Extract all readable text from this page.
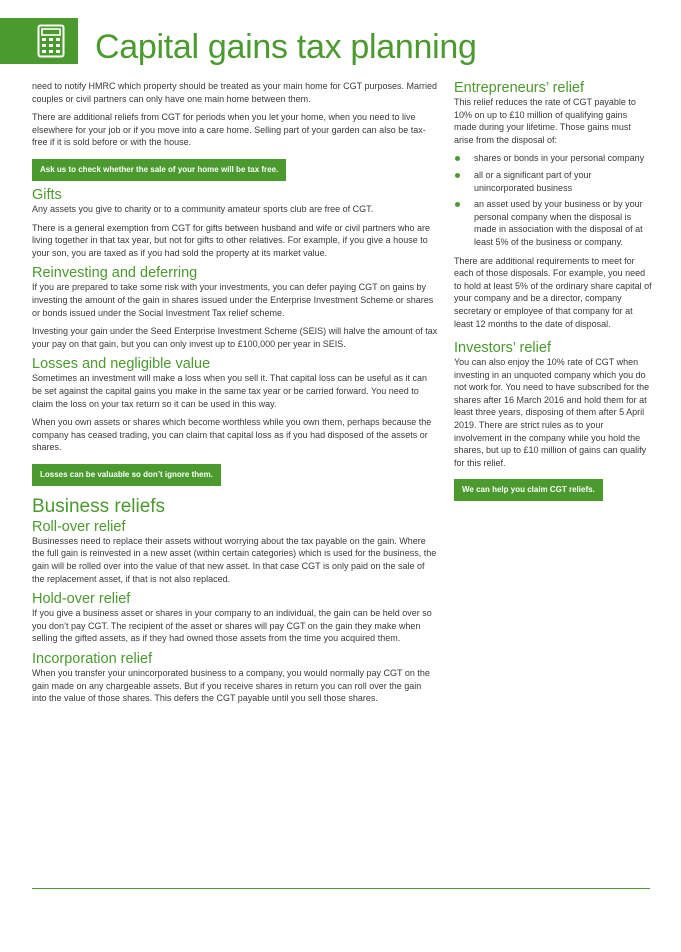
Capital gains tax planning

need to notify HMRC which property should be treated as your main home for CGT purposes. Married couples or civil partners can only have one main home between them.

There are additional reliefs from CGT for periods when you let your home, when you need to live elsewhere for your job or if you move into a care home. Selling part of your garden can also be tax-free if it is sold before or with the house.

Ask us to check whether the sale of your home will be tax free.
Gifts

Any assets you give to charity or to a community amateur sports club are free of CGT.

There is a general exemption from CGT for gifts between husband and wife or civil partners who are living together in that tax year, but not for gifts to other relatives. For example, if you give a house to your son, you are taxed as if you had sold the property at its market value.

Reinvesting and deferring

If you are prepared to take some risk with your investments, you can defer paying CGT on gains by investing the amount of the gain in shares issued under the Enterprise Investment Scheme or shares or bonds issued under the Social Investment Tax relief scheme.

Investing your gain under the Seed Enterprise Investment Scheme (SEIS) will halve the amount of tax your pay on that gain, but you can only invest up to £100,000 per year in SEIS.

Losses and negligible value

Sometimes an investment will make a loss when you sell it. That capital loss can be useful as it can be set against the capital gains you make in the same tax year or be carried forward. You need to claim the loss on your tax return so it can be used in this way.

When you own assets or shares which become worthless while you own them, perhaps because the company has ceased trading, you can claim that capital loss as if you had disposed of the assets or shares.

Losses can be valuable so don’t ignore them.
Business reliefs
Roll-over relief

Businesses need to replace their assets without worrying about the tax payable on the gain. Where the full gain is reinvested in a new asset (within certain categories) which is used for the business, the gain will be rolled over into the value of that new asset. In that case CGT is only paid on the sale of the replacement asset, if that is not also replaced.

Hold-over relief

If you give a business asset or shares in your company to an individual, the gain can be held over so you don’t pay CGT. The recipient of the asset or shares will pay CGT on the gain they make when selling the gifted assets, as if they had owned those assets from the time you acquired them.

Incorporation relief

When you transfer your unincorporated business to a company, you would normally pay CGT on the gain made on any chargeable assets. But if you receive shares in return you can roll over the gain into the value of those shares. This defers the CGT payable until you sell those shares.

Entrepreneurs’ relief

This relief reduces the rate of CGT payable to 10% on up to £10 million of qualifying gains made during your lifetime. Those gains must arise from the disposal of:

shares or bonds in your personal company
all or a significant part of your unincorporated business
an asset used by your business or by your personal company when the disposal is made in association with the disposal of at least 5% of the business or company.

There are additional requirements to meet for each of those disposals. For example, you need to hold at least 5% of the ordinary share capital of your company and be a director, company secretary or employee of that company for at least 12 months to the date of disposal.

Investors’ relief

You can also enjoy the 10% rate of CGT when investing in an unquoted company which you do not work for. You need to have subscribed for the shares after 16 March 2016 and hold them for at least three years, disposing of them after 5 April 2019. There are strict rules as to your involvement in the company while you hold the shares, but up to £10 million of gains can qualify for this relief.

We can help you claim CGT reliefs.
